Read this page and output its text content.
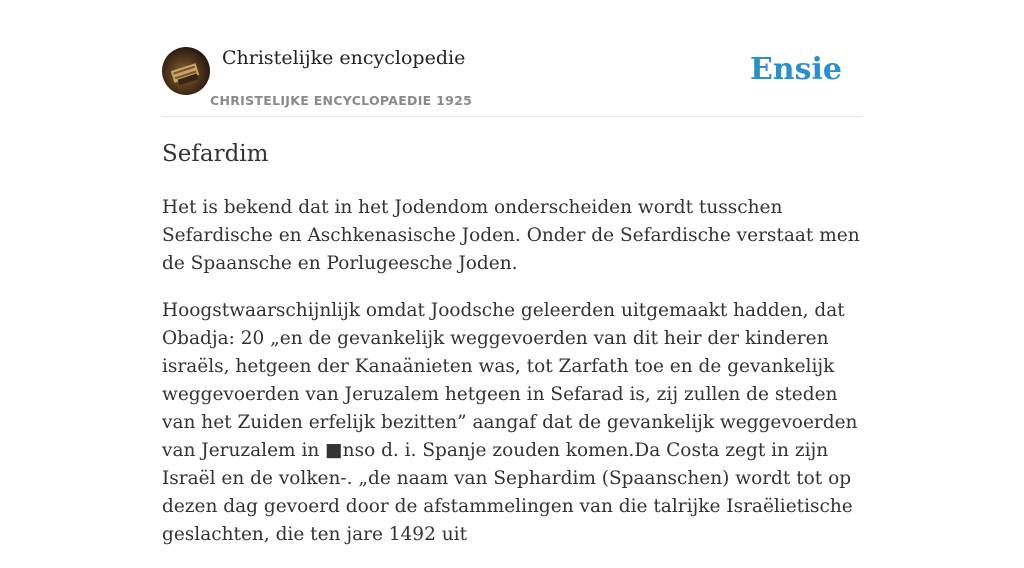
Christelijke encyclopedie
CHRISTELIJKE ENCYCLOPAEDIE 1925
Ensie
Sefardim

Het is bekend dat in het Jodendom onderscheiden wordt tusschen Sefardische en Aschkenasische Joden. Onder de Sefardische verstaat men de Spaansche en Porlugeesche Joden.

Hoogstwaarschijnlijk omdat Joodsche geleerden uitgemaakt hadden, dat Obadja: 20 „en de gevankelijk weggevoerden van dit heir der kinderen israëls, hetgeen der Kanaänieten was, tot Zarfath toe en de gevankelijk weggevoerden van Jeruzalem hetgeen in Sefarad is, zij zullen de steden van het Zuiden erfelijk bezitten” aangaf dat de gevankelijk weggevoerden van Jeruzalem in ■nso d. i. Spanje zouden komen.Da Costa zegt in zijn Israël en de volken-. „de naam van Sephardim (Spaanschen) wordt tot op dezen dag gevoerd door de afstammelingen van die talrijke Israëlietische geslachten, die ten jare 1492 uit
